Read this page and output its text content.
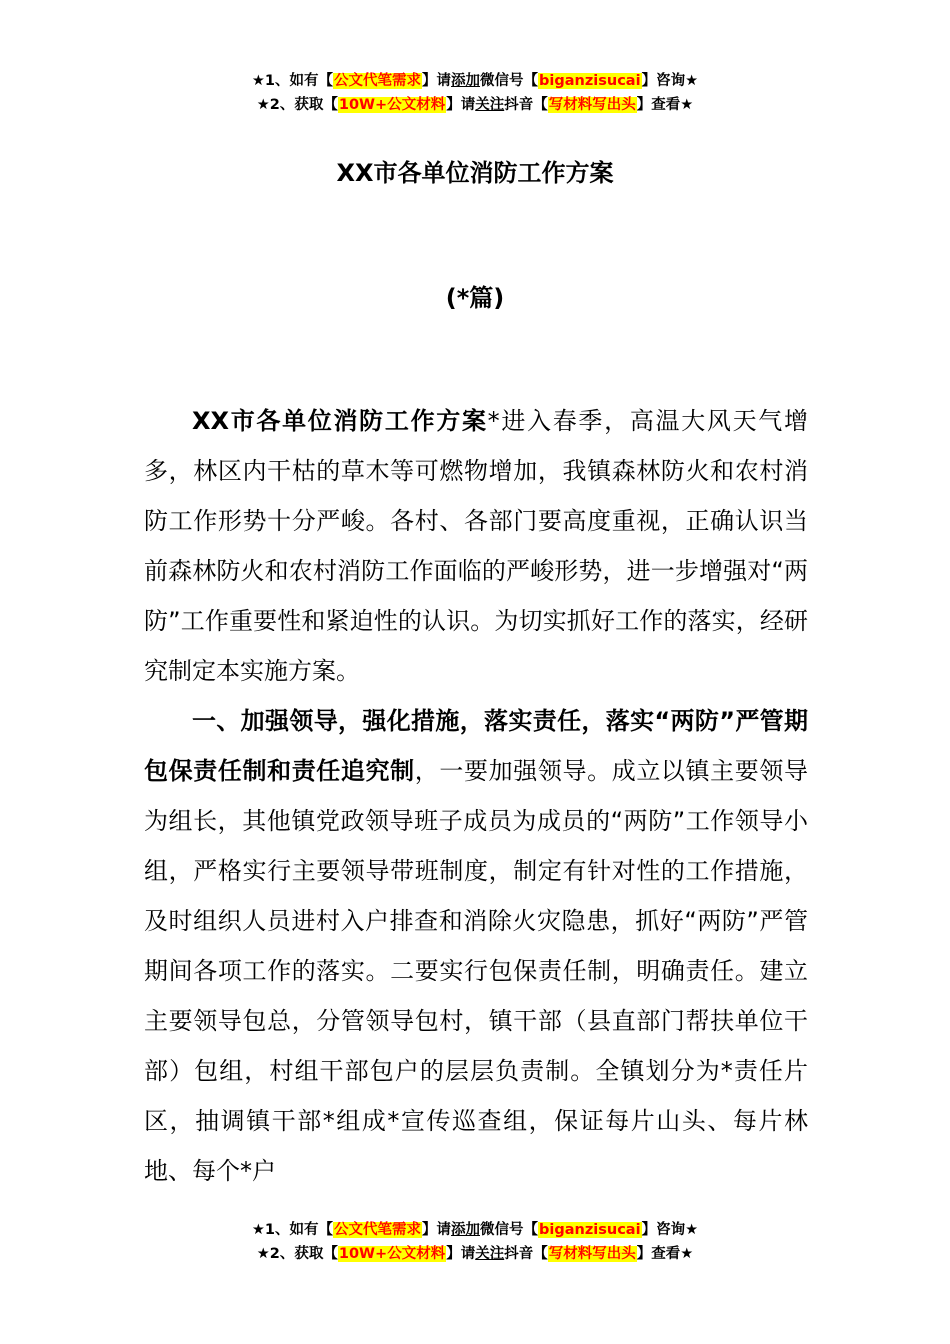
★1、如有【公文代笔需求】请添加微信号【biganzisucai】咨询★
★2、获取【10W+公文材料】请关注抖音【写材料写出头】查看★
XX市各单位消防工作方案
(*篇)

XX市各单位消防工作方案*进入春季，高温大风天气增多，林区内干枯的草木等可燃物增加，我镇森林防火和农村消防工作形势十分严峻。各村、各部门要高度重视，正确认识当前森林防火和农村消防工作面临的严峻形势，进一步增强对“两防”工作重要性和紧迫性的认识。为切实抓好工作的落实，经研究制定本实施方案。

一、加强领导，强化措施，落实责任，落实“两防”严管期包保责任制和责任追究制，一要加强领导。成立以镇主要领导为组长，其他镇党政领导班子成员为成员的“两防”工作领导小组，严格实行主要领导带班制度，制定有针对性的工作措施，及时组织人员进村入户排查和消除火灾隐患，抓好“两防”严管期间各项工作的落实。二要实行包保责任制，明确责任。建立主要领导包总，分管领导包村，镇干部（县直部门帮扶单位干部）包组，村组干部包户的层层负责制。全镇划分为*责任片区，抽调镇干部*组成*宣传巡查组，保证每片山头、每片林地、每个*户

★1、如有【公文代笔需求】请添加微信号【biganzisucai】咨询★
★2、获取【10W+公文材料】请关注抖音【写材料写出头】查看★
